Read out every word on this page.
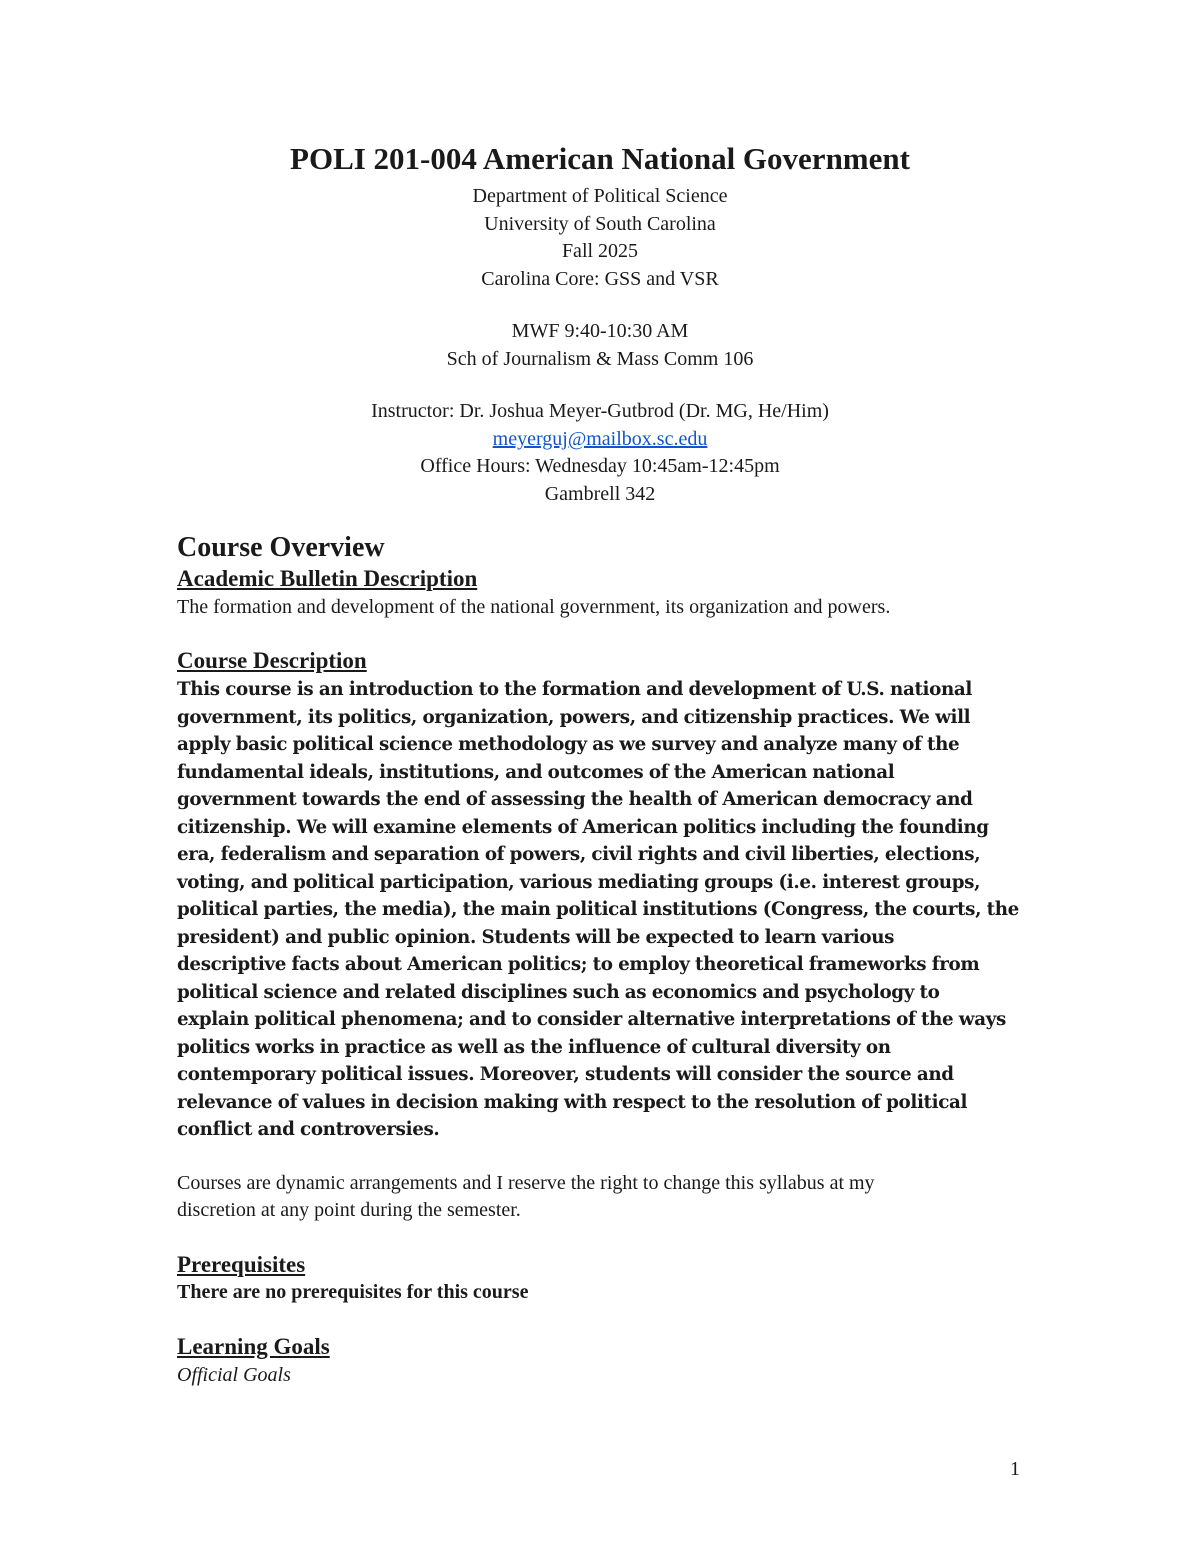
POLI 201-004 American National Government

Department of Political Science

University of South Carolina

Fall 2025

Carolina Core: GSS and VSR

MWF 9:40-10:30 AM

Sch of Journalism & Mass Comm 106

Instructor: Dr. Joshua Meyer-Gutbrod (Dr. MG, He/Him)

meyerguj@mailbox.sc.edu

Office Hours: Wednesday 10:45am-12:45pm

Gambrell 342

Course Overview
Academic Bulletin Description

The formation and development of the national government, its organization and powers.

Course Description

This course is an introduction to the formation and development of U.S. national

government, its politics, organization, powers, and citizenship practices. We will

apply basic political science methodology as we survey and analyze many of the

fundamental ideals, institutions, and outcomes of the American national

government towards the end of assessing the health of American democracy and

citizenship. We will examine elements of American politics including the founding

era, federalism and separation of powers, civil rights and civil liberties, elections,

voting, and political participation, various mediating groups (i.e. interest groups,

political parties, the media), the main political institutions (Congress, the courts, the

president) and public opinion. Students will be expected to learn various

descriptive facts about American politics; to employ theoretical frameworks from

political science and related disciplines such as economics and psychology to

explain political phenomena; and to consider alternative interpretations of the ways

politics works in practice as well as the influence of cultural diversity on

contemporary political issues. Moreover, students will consider the source and

relevance of values in decision making with respect to the resolution of political

conflict and controversies.

Courses are dynamic arrangements and I reserve the right to change this syllabus at my

discretion at any point during the semester.

Prerequisites

There are no prerequisites for this course

Learning Goals

Official Goals

1
